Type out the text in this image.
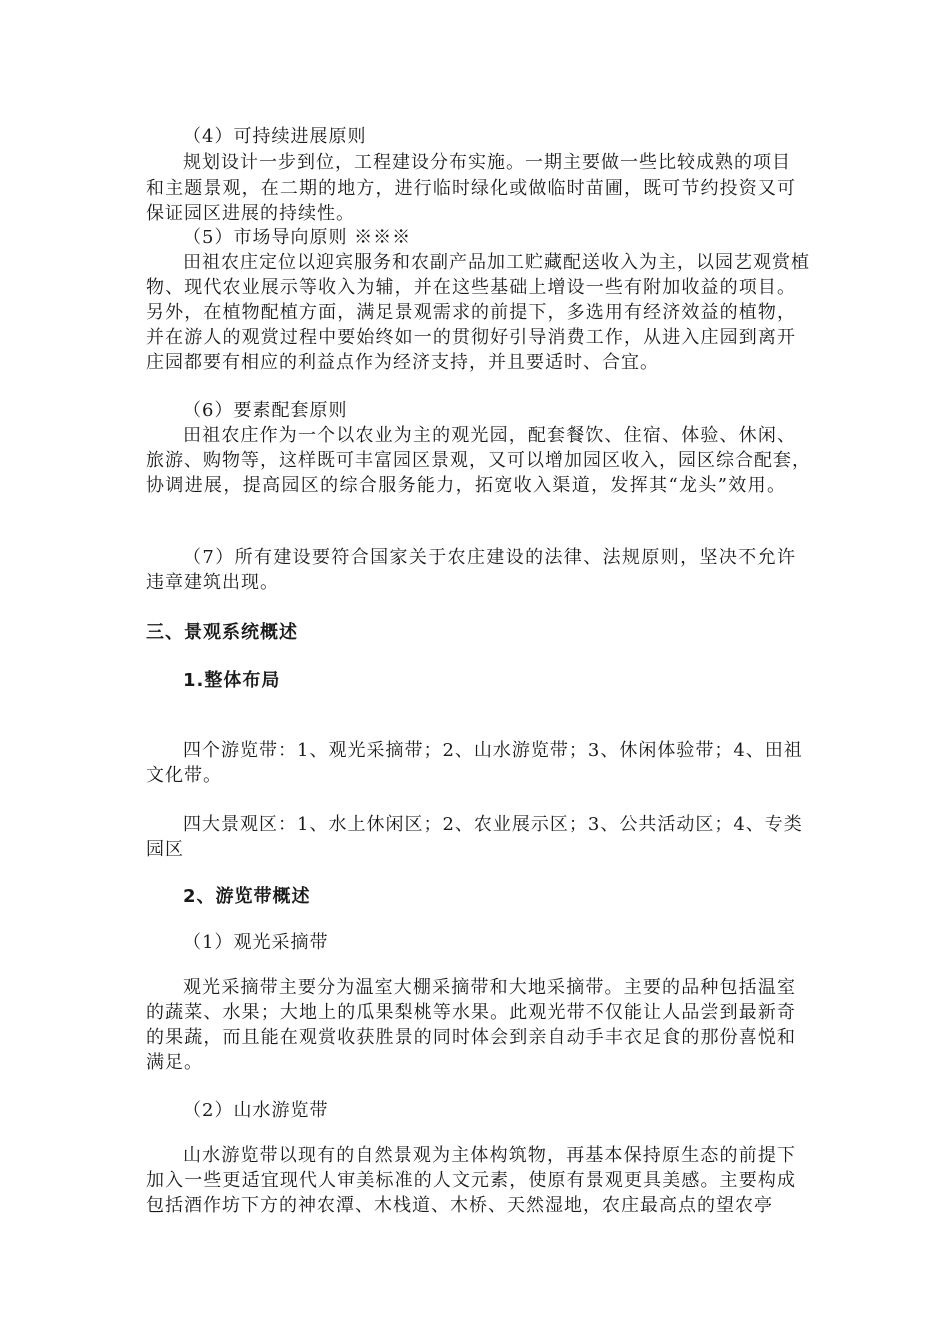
（4）可持续进展原则
规划设计一步到位，工程建设分布实施。一期主要做一些比较成熟的项目
和主题景观，在二期的地方，进行临时绿化或做临时苗圃，既可节约投资又可
保证园区进展的持续性。
（5）市场导向原则 ※※※
田祖农庄定位以迎宾服务和农副产品加工贮藏配送收入为主，以园艺观赏植
物、现代农业展示等收入为辅，并在这些基础上增设一些有附加收益的项目。
另外，在植物配植方面，满足景观需求的前提下，多选用有经济效益的植物，
并在游人的观赏过程中要始终如一的贯彻好引导消费工作，从进入庄园到离开
庄园都要有相应的利益点作为经济支持，并且要适时、合宜。
（6）要素配套原则
田祖农庄作为一个以农业为主的观光园，配套餐饮、住宿、体验、休闲、
旅游、购物等，这样既可丰富园区景观，又可以增加园区收入，园区综合配套，
协调进展，提高园区的综合服务能力，拓宽收入渠道，发挥其“龙头”效用。
（7）所有建设要符合国家关于农庄建设的法律、法规原则，坚决不允许
违章建筑出现。
三、景观系统概述
1.整体布局
四个游览带：1、观光采摘带；2、山水游览带；3、休闲体验带；4、田祖
文化带。
四大景观区：1、水上休闲区；2、农业展示区；3、公共活动区；4、专类
园区
2、游览带概述
（1）观光采摘带
观光采摘带主要分为温室大棚采摘带和大地采摘带。主要的品种包括温室
的蔬菜、水果；大地上的瓜果梨桃等水果。此观光带不仅能让人品尝到最新奇
的果蔬，而且能在观赏收获胜景的同时体会到亲自动手丰衣足食的那份喜悦和
满足。
（2）山水游览带
山水游览带以现有的自然景观为主体构筑物，再基本保持原生态的前提下
加入一些更适宜现代人审美标准的人文元素，使原有景观更具美感。主要构成
包括酒作坊下方的神农潭、木栈道、木桥、天然湿地，农庄最高点的望农亭
